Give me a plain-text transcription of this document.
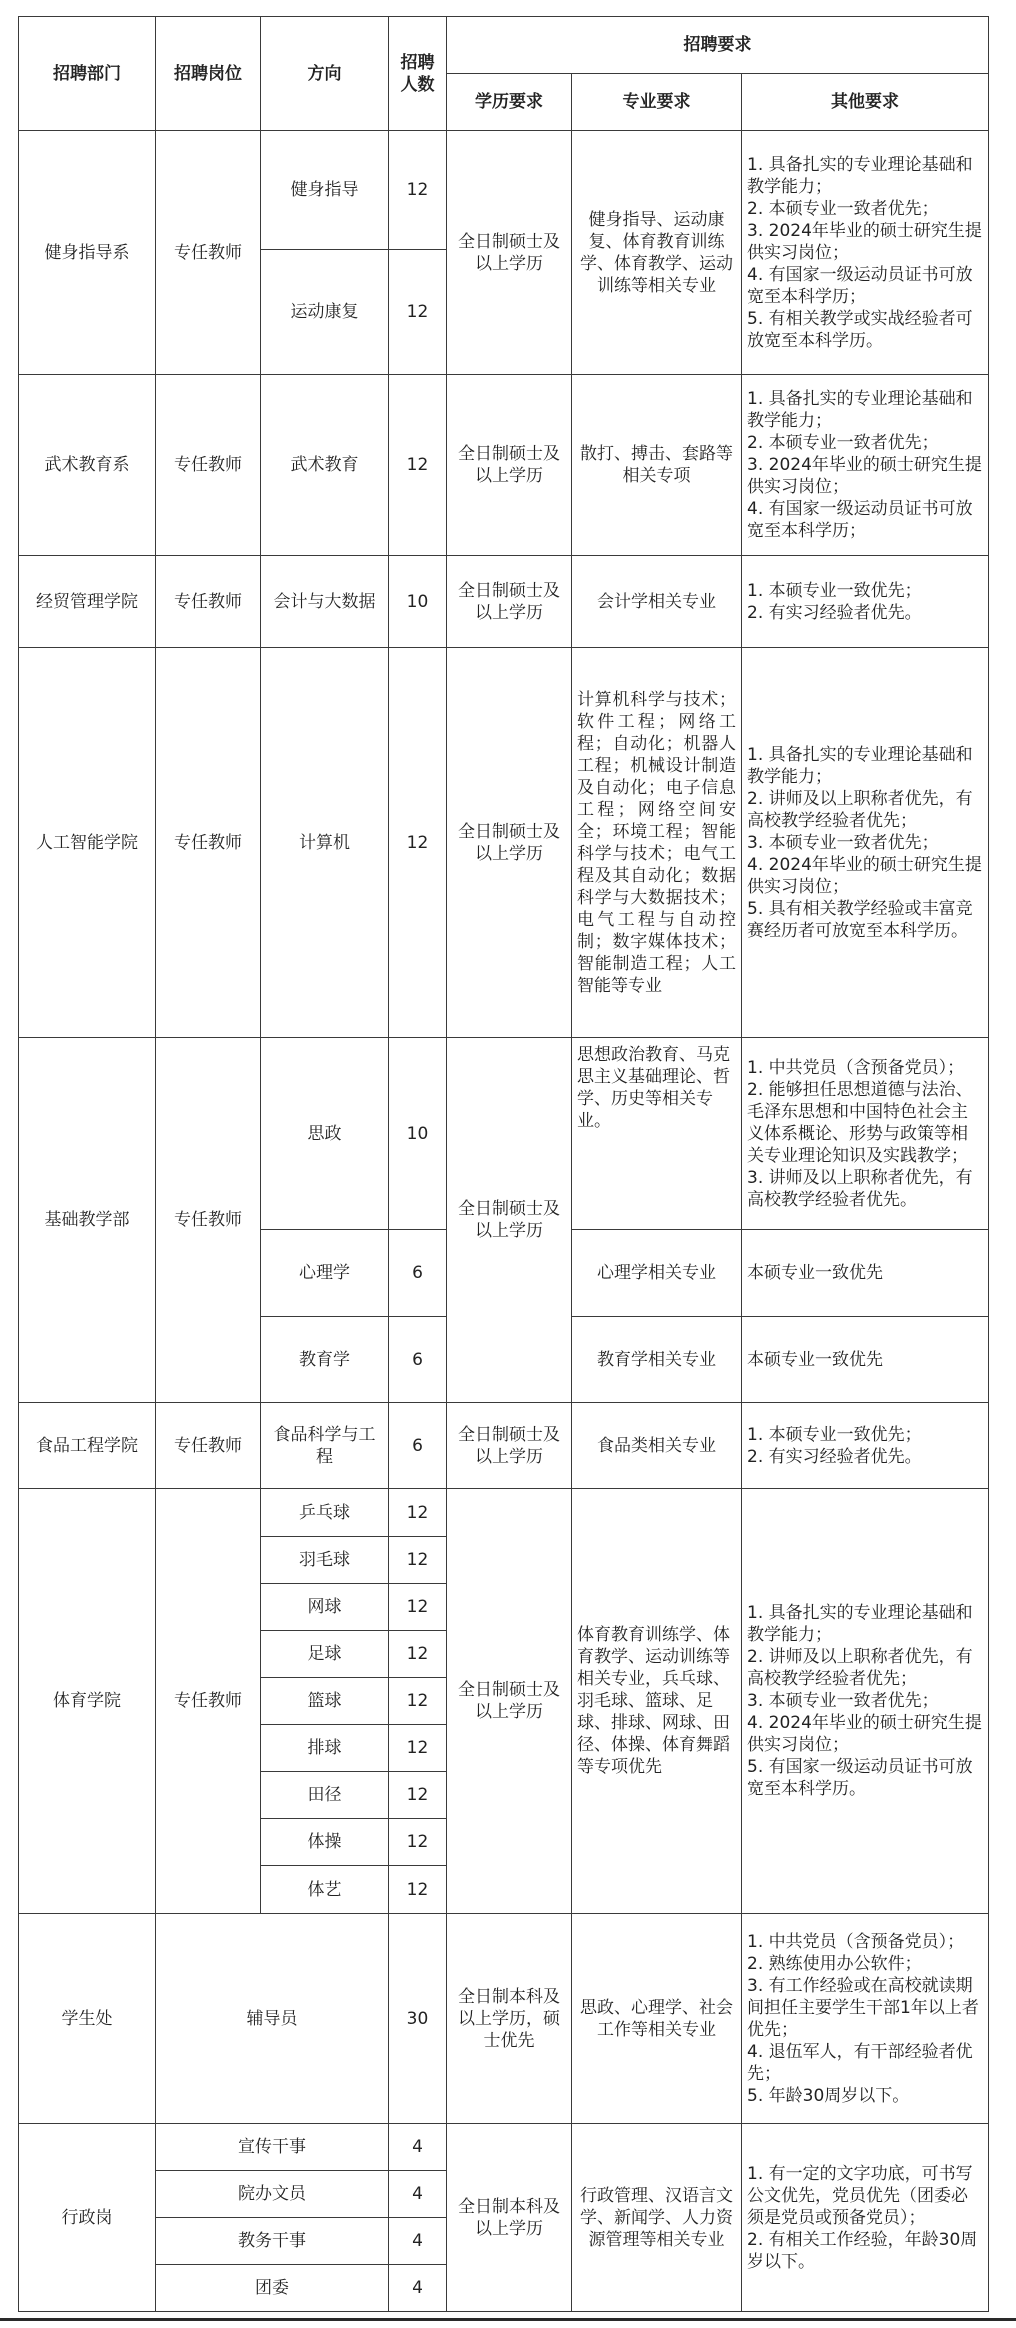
招聘部门	招聘岗位	方向	招聘人数	招聘要求		
				学历要求	专业要求	其他要求
健身指导系	专任教师	健身指导	12	全日制硕士及以上学历	健身指导、运动康复、体育教育训练学、体育教学、运动训练等相关专业	1. 具备扎实的专业理论基础和教学能力；
2. 本硕专业一致者优先；
3. 2024年毕业的硕士研究生提供实习岗位；
4. 有国家一级运动员证书可放宽至本科学历；
5. 有相关教学或实战经验者可放宽至本科学历。

		运动康复	12			
武术教育系	专任教师	武术教育	12	全日制硕士及以上学历	散打、搏击、套路等相关专项	1. 具备扎实的专业理论基础和教学能力；
2. 本硕专业一致者优先；
3. 2024年毕业的硕士研究生提供实习岗位；
4. 有国家一级运动员证书可放宽至本科学历；

经贸管理学院	专任教师	会计与大数据	10	全日制硕士及以上学历	会计学相关专业	1. 本硕专业一致优先；
2. 有实习经验者优先。

人工智能学院	专任教师	计算机	12	全日制硕士及以上学历	计算机科学与技术；软件工程；网络工程；自动化；机器人工程；机械设计制造及自动化；电子信息工程；网络空间安全；环境工程；智能科学与技术；电气工程及其自动化；数据科学与大数据技术；电气工程与自动控制；数字媒体技术；智能制造工程；人工智能等专业	1. 具备扎实的专业理论基础和教学能力；
2. 讲师及以上职称者优先，有高校教学经验者优先；
3. 本硕专业一致者优先；
4. 2024年毕业的硕士研究生提供实习岗位；
5. 具有相关教学经验或丰富竞赛经历者可放宽至本科学历。

基础教学部	专任教师	思政	10	全日制硕士及以上学历	思想政治教育、马克思主义基础理论、哲学、历史等相关专业。	1. 中共党员（含预备党员）；
2. 能够担任思想道德与法治、毛泽东思想和中国特色社会主义体系概论、形势与政策等相关专业理论知识及实践教学；
3. 讲师及以上职称者优先，有高校教学经验者优先。

		心理学	6		心理学相关专业	本硕专业一致优先
		教育学	6		教育学相关专业	本硕专业一致优先
食品工程学院	专任教师	食品科学与工程	6	全日制硕士及以上学历	食品类相关专业	1. 本硕专业一致优先；
2. 有实习经验者优先。

体育学院	专任教师	乒乓球	12	全日制硕士及以上学历	体育教育训练学、体育教学、运动训练等相关专业，兵乓球、羽毛球、篮球、足球、排球、网球、田径、体操、体育舞蹈等专项优先	1. 具备扎实的专业理论基础和教学能力；
2. 讲师及以上职称者优先，有高校教学经验者优先；
3. 本硕专业一致者优先；
4. 2024年毕业的硕士研究生提供实习岗位；
5. 有国家一级运动员证书可放宽至本科学历。

		羽毛球	12			
		网球	12			
		足球	12			
		篮球	12			
		排球	12			
		田径	12			
		体操	12			
		体艺	12			
学生处	辅导员		30	全日制本科及以上学历，硕士优先	思政、心理学、社会工作等相关专业	1. 中共党员（含预备党员）；
2. 熟练使用办公软件；
3. 有工作经验或在高校就读期间担任主要学生干部1年以上者优先；
4. 退伍军人，有干部经验者优先；
5. 年龄30周岁以下。

行政岗	宣传干事		4	全日制本科及以上学历	行政管理、汉语言文学、新闻学、人力资源管理等相关专业	1. 有一定的文字功底，可书写公文优先，党员优先（团委必须是党员或预备党员）；
2. 有相关工作经验，年龄30周岁以下。

	院办文员		4			
	教务干事		4			
	团委		4			
